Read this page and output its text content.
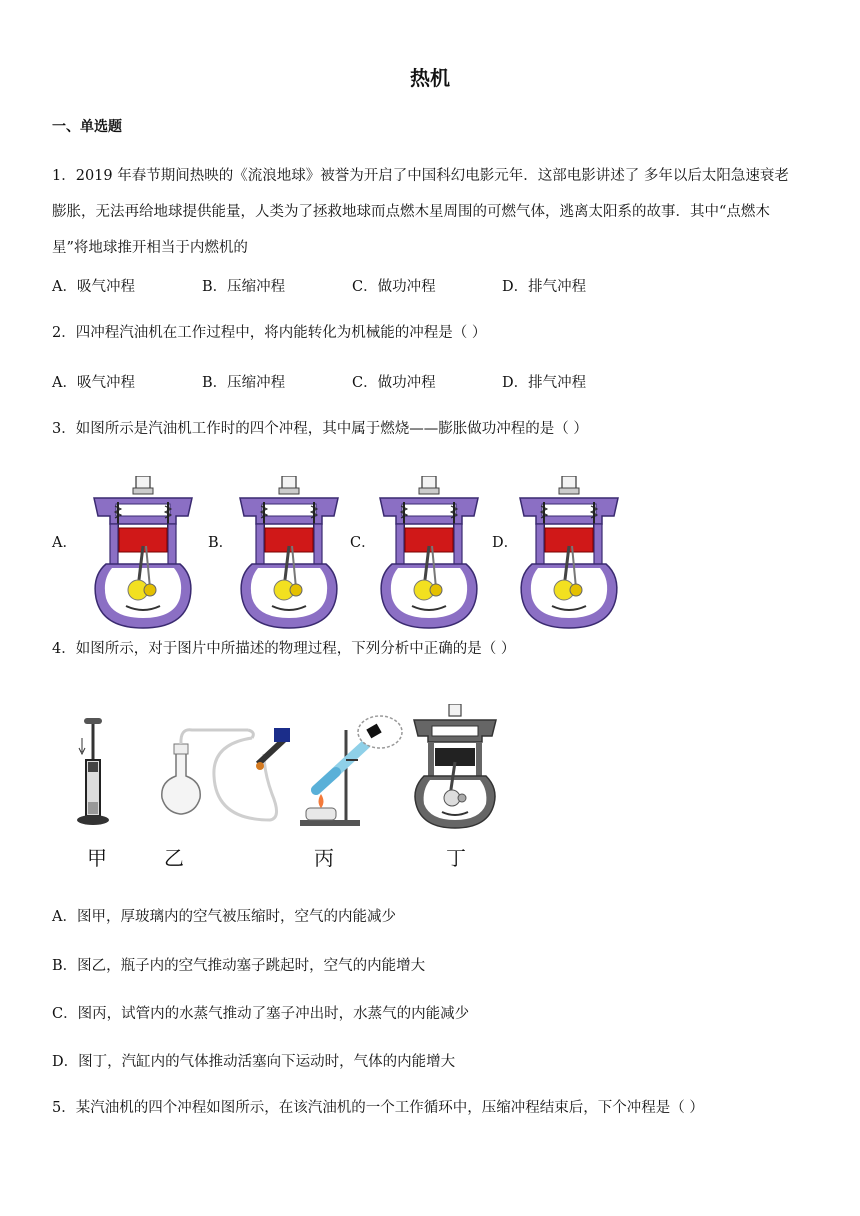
热机
一、单选题
1．2019 年春节期间热映的《流浪地球》被誉为开启了中国科幻电影元年．这部电影讲述了 多年以后太阳急速衰老
膨胀，无法再给地球提供能量，人类为了拯救地球而点燃木星周围的可燃气体，逃离太阳系的故事．其中“点燃木
星”将地球推开相当于内燃机的
A．吸气冲程	B．压缩冲程	C．做功冲程	D．排气冲程
2．四冲程汽油机在工作过程中，将内能转化为机械能的冲程是（ ）
A．吸气冲程	B．压缩冲程	C．做功冲程	D．排气冲程
3．如图所示是汽油机工作时的四个冲程，其中属于燃烧——膨胀做功冲程的是（ ）
A．	B．	C．	D．
4．如图所示，对于图片中所描述的物理过程，下列分析中正确的是（ ）
甲	乙	丙	丁
A．图甲，厚玻璃内的空气被压缩时，空气的内能减少
B．图乙，瓶子内的空气推动塞子跳起时，空气的内能增大
C．图丙，试管内的水蒸气推动了塞子冲出时，水蒸气的内能减少
D．图丁，汽缸内的气体推动活塞向下运动时，气体的内能增大
5．某汽油机的四个冲程如图所示，在该汽油机的一个工作循环中，压缩冲程结束后，下个冲程是（ ）
